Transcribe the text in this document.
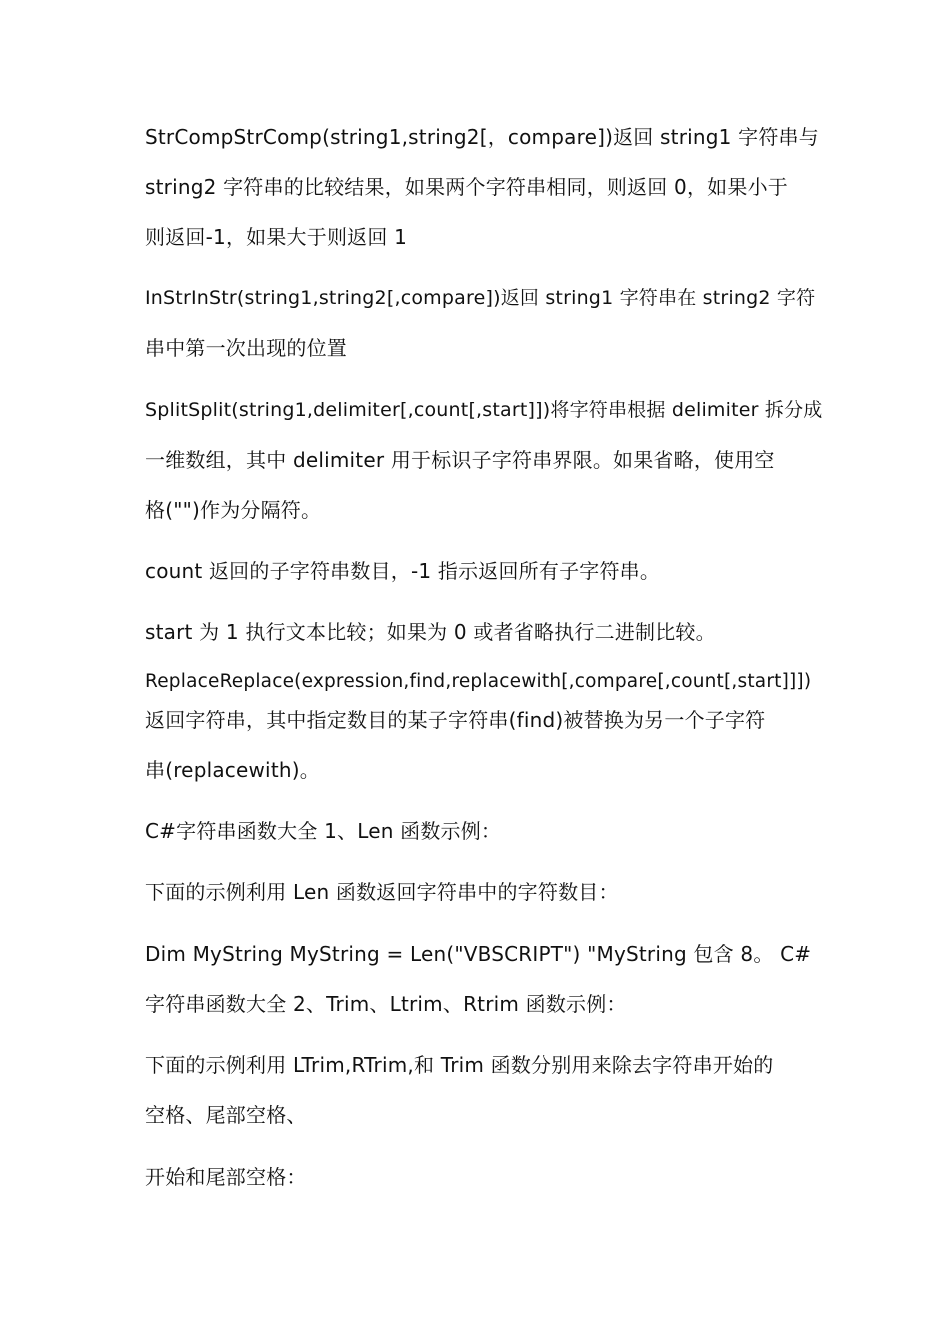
StrCompStrComp(string1,string2[，compare])返回 string1 字符串与
string2 字符串的比较结果，如果两个字符串相同，则返回 0，如果小于
则返回-1，如果大于则返回 1
InStrInStr(string1,string2[,compare])返回 string1 字符串在 string2 字符
串中第一次出现的位置
SplitSplit(string1,delimiter[,count[,start]])将字符串根据 delimiter 拆分成
一维数组，其中 delimiter 用于标识子字符串界限。如果省略，使用空
格("")作为分隔符。
count 返回的子字符串数目，-1 指示返回所有子字符串。
start 为 1 执行文本比较；如果为 0 或者省略执行二进制比较。
ReplaceReplace(expression,find,replacewith[,compare[,count[,start]]])
返回字符串，其中指定数目的某子字符串(find)被替换为另一个子字符
串(replacewith)。
C#字符串函数大全 1、Len 函数示例：
下面的示例利用 Len 函数返回字符串中的字符数目：
Dim MyString MyString = Len("VBSCRIPT") "MyString 包含 8。 C#
字符串函数大全 2、Trim、Ltrim、Rtrim 函数示例：
下面的示例利用 LTrim,RTrim,和 Trim 函数分别用来除去字符串开始的
空格、尾部空格、
开始和尾部空格：
